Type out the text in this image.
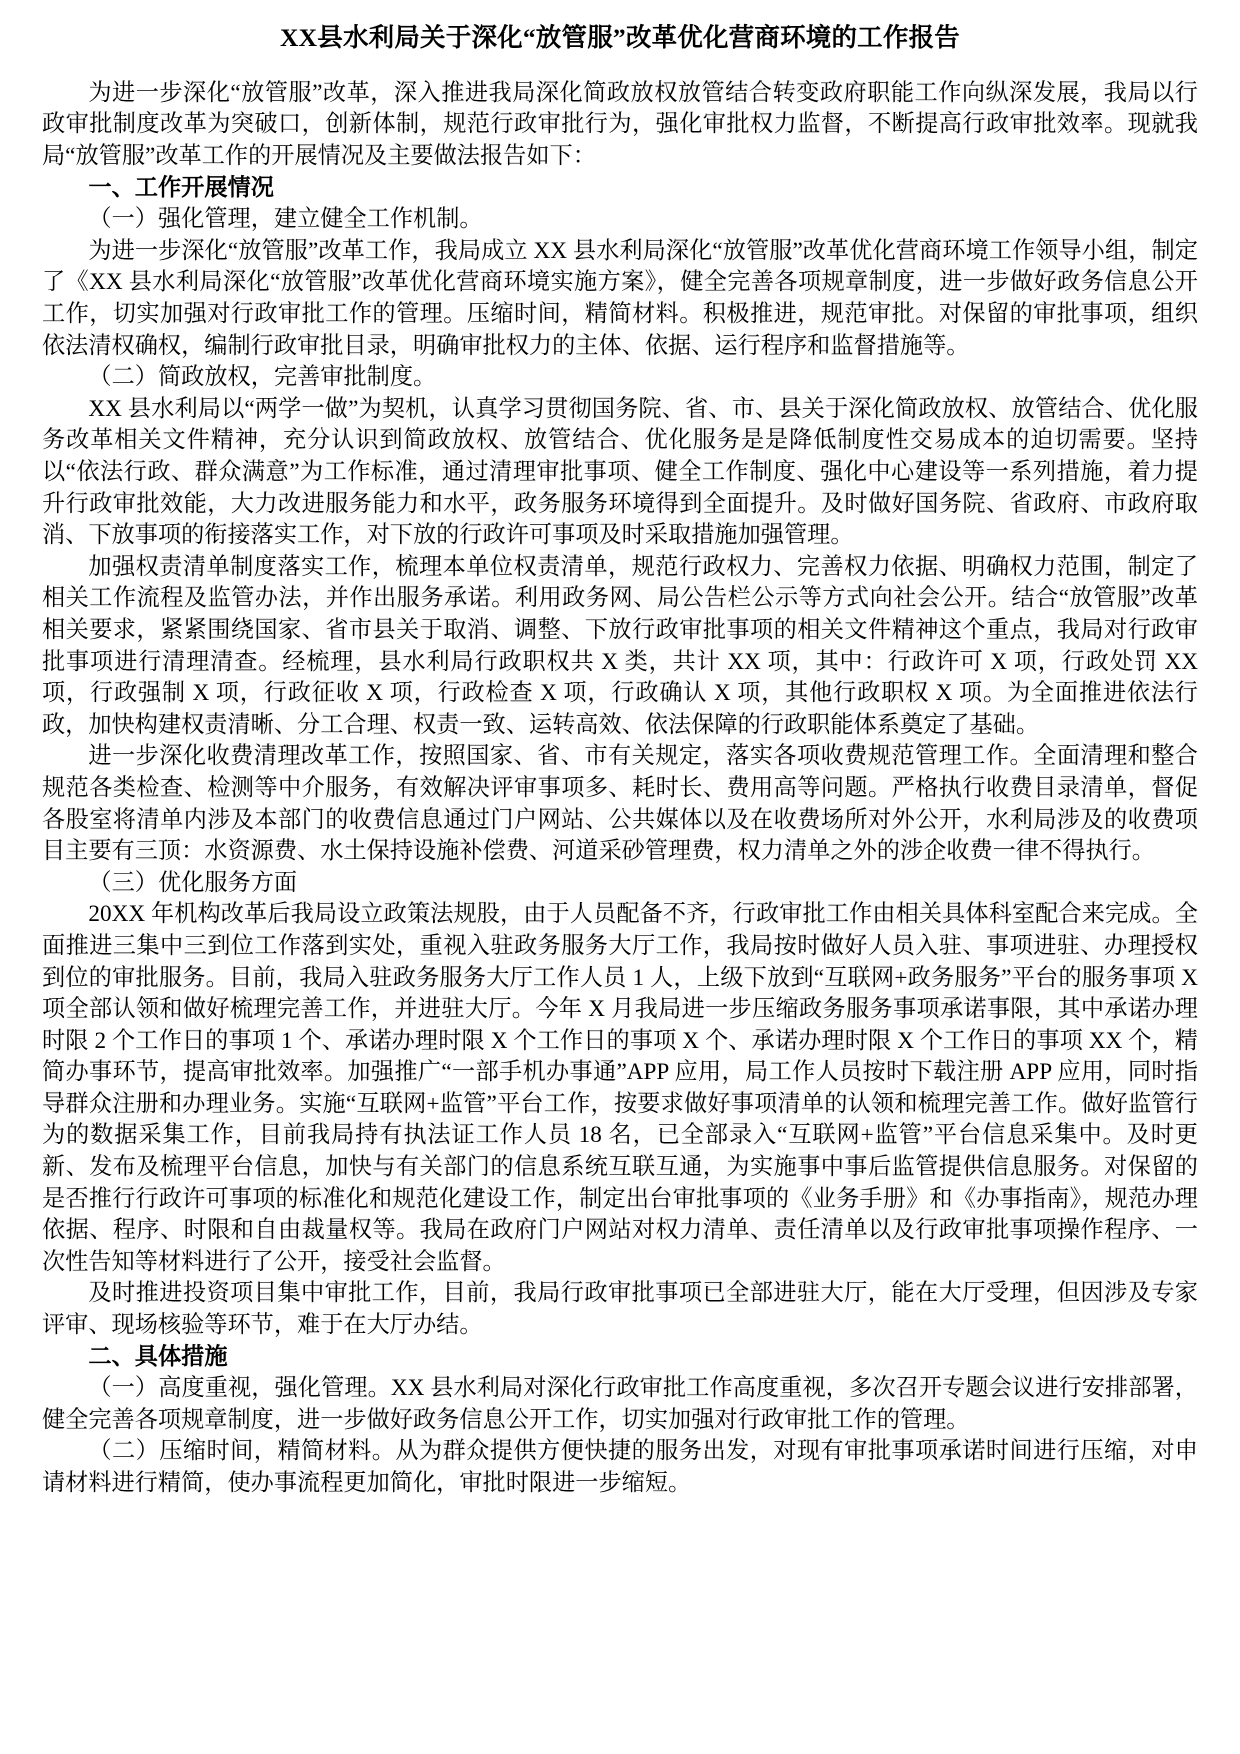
XX县水利局关于深化“放管服”改革优化营商环境的工作报告

为进一步深化“放管服”改革，深入推进我局深化简政放权放管结合转变政府职能工作向纵深发展，我局以行政审批制度改革为突破口，创新体制，规范行政审批行为，强化审批权力监督，不断提高行政审批效率。现就我局“放管服”改革工作的开展情况及主要做法报告如下：

一、工作开展情况

（一）强化管理，建立健全工作机制。

为进一步深化“放管服”改革工作，我局成立 XX 县水利局深化“放管服”改革优化营商环境工作领导小组，制定了《XX 县水利局深化“放管服”改革优化营商环境实施方案》，健全完善各项规章制度，进一步做好政务信息公开工作，切实加强对行政审批工作的管理。压缩时间，精简材料。积极推进，规范审批。对保留的审批事项，组织依法清权确权，编制行政审批目录，明确审批权力的主体、依据、运行程序和监督措施等。

（二）简政放权，完善审批制度。

XX 县水利局以“两学一做”为契机，认真学习贯彻国务院、省、市、县关于深化简政放权、放管结合、优化服务改革相关文件精神，充分认识到简政放权、放管结合、优化服务是是降低制度性交易成本的迫切需要。坚持以“依法行政、群众满意”为工作标准，通过清理审批事项、健全工作制度、强化中心建设等一系列措施，着力提升行政审批效能，大力改进服务能力和水平，政务服务环境得到全面提升。及时做好国务院、省政府、市政府取消、下放事项的衔接落实工作，对下放的行政许可事项及时采取措施加强管理。

加强权责清单制度落实工作，梳理本单位权责清单，规范行政权力、完善权力依据、明确权力范围，制定了相关工作流程及监管办法，并作出服务承诺。利用政务网、局公告栏公示等方式向社会公开。结合“放管服”改革相关要求，紧紧围绕国家、省市县关于取消、调整、下放行政审批事项的相关文件精神这个重点，我局对行政审批事项进行清理清查。经梳理，县水利局行政职权共 X 类，共计 XX 项，其中：行政许可 X 项，行政处罚 XX 项，行政强制 X 项，行政征收 X 项，行政检查 X 项，行政确认 X 项，其他行政职权 X 项。为全面推进依法行政，加快构建权责清晰、分工合理、权责一致、运转高效、依法保障的行政职能体系奠定了基础。

进一步深化收费清理改革工作，按照国家、省、市有关规定，落实各项收费规范管理工作。全面清理和整合规范各类检查、检测等中介服务，有效解决评审事项多、耗时长、费用高等问题。严格执行收费目录清单，督促各股室将清单内涉及本部门的收费信息通过门户网站、公共媒体以及在收费场所对外公开，水利局涉及的收费项目主要有三顶：水资源费、水土保持设施补偿费、河道采砂管理费，权力清单之外的涉企收费一律不得执行。

（三）优化服务方面

20XX 年机构改革后我局设立政策法规股，由于人员配备不齐，行政审批工作由相关具体科室配合来完成。全面推进三集中三到位工作落到实处，重视入驻政务服务大厅工作，我局按时做好人员入驻、事项进驻、办理授权到位的审批服务。目前，我局入驻政务服务大厅工作人员 1 人，上级下放到“互联网+政务服务”平台的服务事项 X 项全部认领和做好梳理完善工作，并进驻大厅。今年 X 月我局进一步压缩政务服务事项承诺事限，其中承诺办理时限 2 个工作日的事项 1 个、承诺办理时限 X 个工作日的事项 X 个、承诺办理时限 X 个工作日的事项 XX 个，精简办事环节，提高审批效率。加强推广“一部手机办事通”APP 应用，局工作人员按时下载注册 APP 应用，同时指导群众注册和办理业务。实施“互联网+监管”平台工作，按要求做好事项清单的认领和梳理完善工作。做好监管行为的数据采集工作，目前我局持有执法证工作人员 18 名，已全部录入“互联网+监管”平台信息采集中。及时更新、发布及梳理平台信息，加快与有关部门的信息系统互联互通，为实施事中事后监管提供信息服务。对保留的是否推行行政许可事项的标准化和规范化建设工作，制定出台审批事项的《业务手册》和《办事指南》，规范办理依据、程序、时限和自由裁量权等。我局在政府门户网站对权力清单、责任清单以及行政审批事项操作程序、一次性告知等材料进行了公开，接受社会监督。

及时推进投资项目集中审批工作，目前，我局行政审批事项已全部进驻大厅，能在大厅受理，但因涉及专家评审、现场核验等环节，难于在大厅办结。

二、具体措施

（一）高度重视，强化管理。XX 县水利局对深化行政审批工作高度重视，多次召开专题会议进行安排部署，健全完善各项规章制度，进一步做好政务信息公开工作，切实加强对行政审批工作的管理。

（二）压缩时间，精简材料。从为群众提供方便快捷的服务出发，对现有审批事项承诺时间进行压缩，对申请材料进行精简，使办事流程更加简化，审批时限进一步缩短。
